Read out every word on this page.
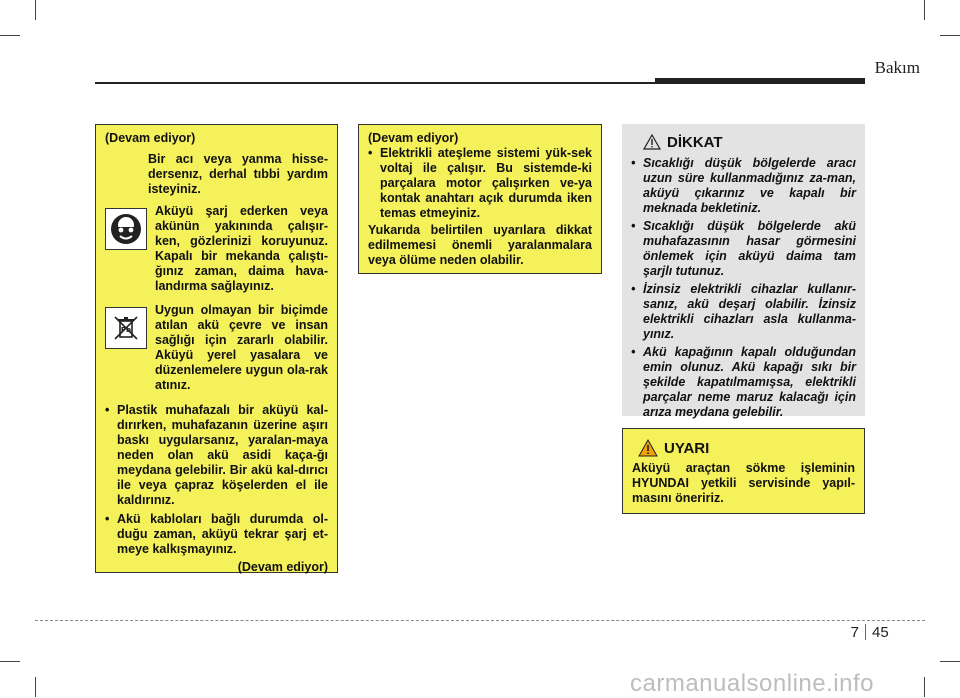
Bakım
(Devam ediyor)
Bir acı veya yanma hisse-dersenız, derhal tıbbi yardım isteyiniz.
Aküyü şarj ederken veya akünün yakınında çalışır-ken, gözlerinizi koruyunuz. Kapalı bir mekanda çalıştı-ğınız zaman, daima hava-landırma sağlayınız.
Pb
Uygun olmayan bir biçimde atılan akü çevre ve insan sağlığı için zararlı olabilir. Aküyü yerel yasalara ve düzenlemelere uygun ola-rak atınız.
• Plastik muhafazalı bir aküyü kal-dırırken, muhafazanın üzerine aşırı baskı uygularsanız, yaralan-maya neden olan akü asidi kaça-ğı meydana gelebilir. Bir akü kal-dırıcı ile veya çapraz köşelerden el ile kaldırınız.
• Akü kabloları bağlı durumda ol-duğu zaman, aküyü tekrar şarj et-meye kalkışmayınız.
(Devam ediyor)
(Devam ediyor)
• Elektrikli ateşleme sistemi yük-sek voltaj ile çalışır. Bu sistemde-ki parçalara motor çalışırken ve-ya kontak anahtarı açık durumda iken temas etmeyiniz.
Yukarıda belirtilen uyarılara dikkat edilmemesi önemli yaralanmalara veya ölüme neden olabilir.
DİKKAT
• Sıcaklığı düşük bölgelerde aracı uzun süre kullanmadığınız za-man, aküyü çıkarınız ve kapalı bir meknada bekletiniz.
• Sıcaklığı düşük bölgelerde akü muhafazasının hasar görmesini önlemek için aküyü daima tam şarjlı tutunuz.
• İzinsiz elektrikli cihazlar kullanır-sanız, akü deşarj olabilir. İzinsiz elektrikli cihazları asla kullanma-yınız.
• Akü kapağının kapalı olduğundan emin olunuz. Akü kapağı sıkı bir şekilde kapatılmamışsa, elektrikli parçalar neme maruz kalacağı için arıza meydana gelebilir.
UYARI
Aküyü araçtan sökme işleminin HYUNDAI yetkili servisinde yapıl-masını öneririz.
7 45
carmanualsonline.info
